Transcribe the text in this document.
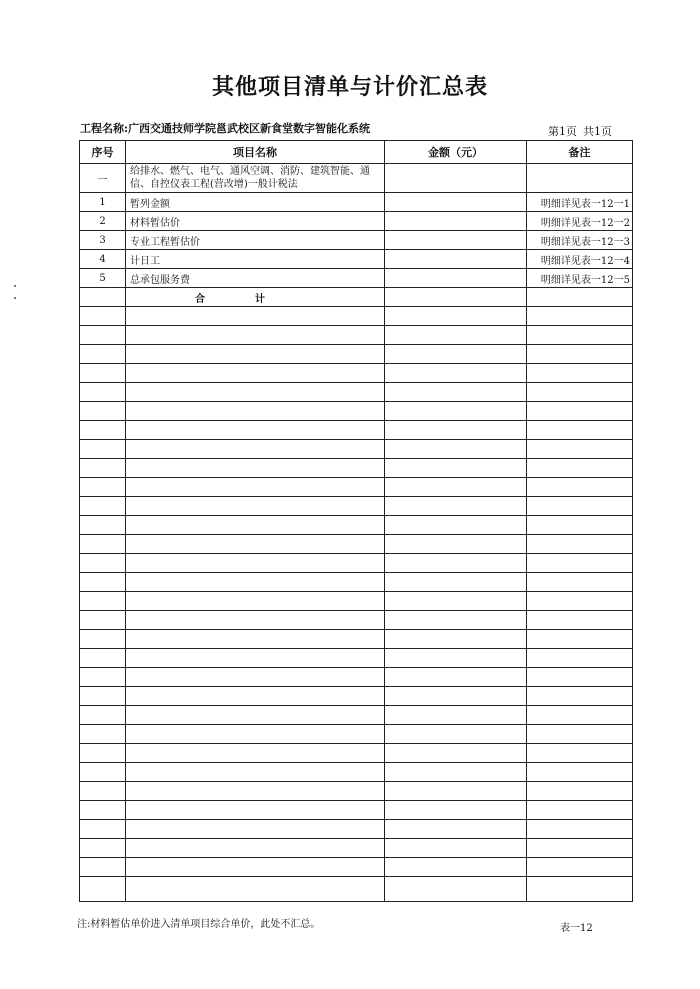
其他项目清单与计价汇总表
工程名称:广西交通技师学院邕武校区新食堂数字智能化系统	第1页 共1页
序号	项目名称	金额（元）	备注
一	给排水、燃气、电气、通风空调、消防、建筑智能、通信、自控仪表工程(营改增)一般计税法		
1	暂列金额		明细详见表一12一1
2	材料暂估价		明细详见表一12一2
3	专业工程暂估价		明细详见表一12一3
4	计日工		明细详见表一12一4
5	总承包服务费		明细详见表一12一5
	合计		

注:材料暂估单价进入清单项目综合单价，此处不汇总。	表一12
